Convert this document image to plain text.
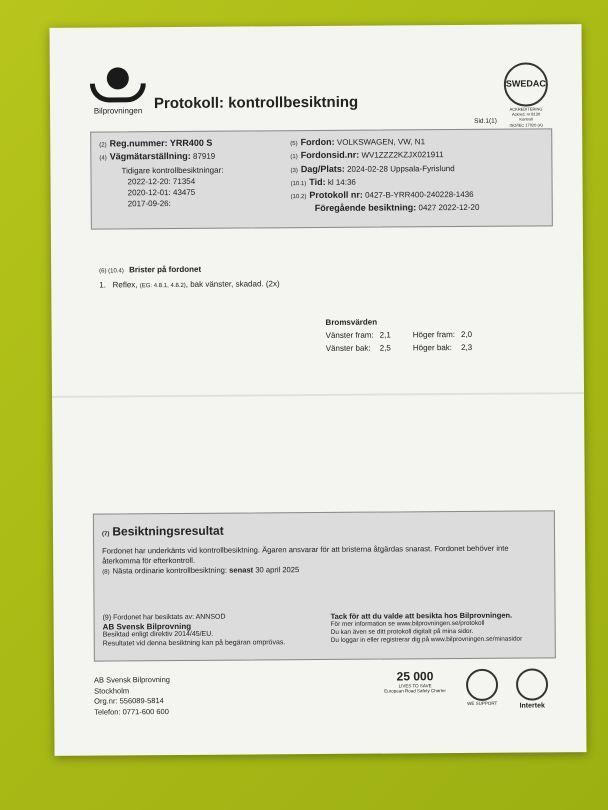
Bilprovningen Protokoll: kontrollbesiktning
SWEDAC
ACKREDITERING
Ackred. nr 8130
Kontroll
ISO/IEC 17020 (A)
Sid.1(1)
(2) Reg.nummer: YRR400 S
(4) Vägmätarställning: 87919
Tidigare kontrollbesiktningar:
2022-12-20: 71354
2020-12-01: 43475
2017-09-26:
(5) Fordon: VOLKSWAGEN, VW, N1
(1) Fordonsid.nr: WV1ZZZ2KZJX021911
(3) Dag/Plats: 2024-02-28 Uppsala-Fyrislund
(10.1) Tid: kl 14:36
(10.2) Protokoll nr: 0427-B-YRR400-240228-1436
Föregående besiktning: 0427 2022-12-20
(6) (10.4) Brister på fordonet
1. Reflex, (EG: 4.8.1, 4.8.2), bak vänster, skadad. (2x)
Bromsvärden
Vänster fram:	2,1	Höger fram:	2,0
Vänster bak:	2,5	Höger bak:	2,3
(7) Besiktningsresultat
Fordonet har underkänts vid kontrollbesiktning. Ägaren ansvarar för att bristerna åtgärdas snarast. Fordonet behöver inte återkomma för efterkontroll.
(8) Nästa ordinarie kontrollbesiktning: senast 30 april 2025
(9) Fordonet har besiktats av: ANNSOD
AB Svensk Bilprovning
Besiktad enligt direktiv 2014/45/EU.
Resultatet vid denna besiktning kan på begäran omprövas.
Tack för att du valde att besikta hos Bilprovningen.
För mer information se www.bilprovningen.se/protokoll
Du kan även se ditt protokoll digitalt på mina sidor.
Du loggar in eller registrerar dig på www.bilprovningen.se/minasidor
AB Svensk Bilprovning
Stockholm
Org.nr: 556089-5814
Telefon: 0771-600 600
25 000
LIVES TO SAVE
European Road Safety Charter
WE SUPPORT	Intertek
